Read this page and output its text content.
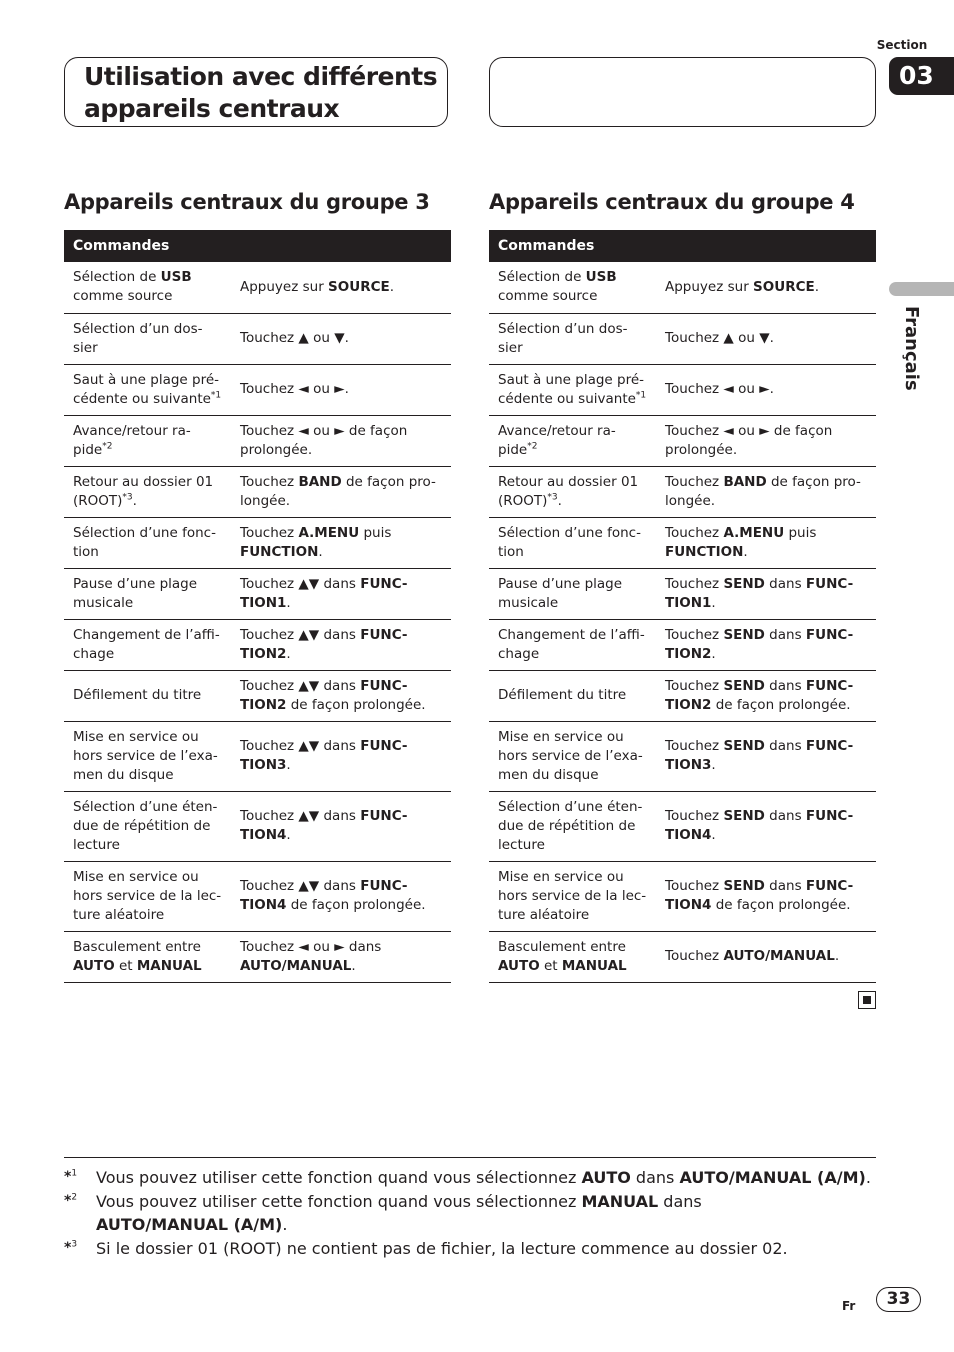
Utilisation avec différents
appareils centraux
Section
03
Français
Appareils centraux du groupe 3
Commandes	
Sélection de USB comme source	Appuyez sur SOURCE.
Sélection d’un dos-
sier	Touchez ▲ ou ▼.
Saut à une plage pré-
cédente ou suivante$^{*1}$	Touchez ◄ ou ►.
Avance/retour ra-
pide$^{*2}$	Touchez ◄ ou ► de façon prolongée.
Retour au dossier 01 (ROOT)$^{*3}$.	Touchez BAND de façon pro-
longée.
Sélection d’une fonc-
tion	Touchez A.MENU puis
FUNCTION.
Pause d’une plage musicale	Touchez ▲▼ dans FUNC-
TION1.
Changement de l’affi-
chage	Touchez ▲▼ dans FUNC-
TION2.
Défilement du titre	Touchez ▲▼ dans FUNC-
TION2 de façon prolongée.
Mise en service ou hors service de l’exa-
men du disque	Touchez ▲▼ dans FUNC-
TION3.
Sélection d’une éten-
due de répétition de lecture	Touchez ▲▼ dans FUNC-
TION4.
Mise en service ou hors service de la lec-
ture aléatoire	Touchez ▲▼ dans FUNC-
TION4 de façon prolongée.
Basculement entre
AUTO et MANUAL	Touchez ◄ ou ► dans
AUTO/MANUAL.
Appareils centraux du groupe 4
Commandes	
Sélection de USB comme source	Appuyez sur SOURCE.
Sélection d’un dos-
sier	Touchez ▲ ou ▼.
Saut à une plage pré-
cédente ou suivante$^{*1}$	Touchez ◄ ou ►.
Avance/retour ra-
pide$^{*2}$	Touchez ◄ ou ► de façon prolongée.
Retour au dossier 01 (ROOT)$^{*3}$.	Touchez BAND de façon pro-
longée.
Sélection d’une fonc-
tion	Touchez A.MENU puis
FUNCTION.
Pause d’une plage musicale	Touchez SEND dans FUNC-
TION1.
Changement de l’affi-
chage	Touchez SEND dans FUNC-
TION2.
Défilement du titre	Touchez SEND dans FUNC-
TION2 de façon prolongée.
Mise en service ou hors service de l’exa-
men du disque	Touchez SEND dans FUNC-
TION3.
Sélection d’une éten-
due de répétition de lecture	Touchez SEND dans FUNC-
TION4.
Mise en service ou hors service de la lec-
ture aléatoire	Touchez SEND dans FUNC-
TION4 de façon prolongée.
Basculement entre
AUTO et MANUAL	Touchez AUTO/MANUAL.
*$^1$	Vous pouvez utiliser cette fonction quand vous sélectionnez AUTO dans AUTO/MANUAL (A/M).
*$^2$	Vous pouvez utiliser cette fonction quand vous sélectionnez MANUAL dans
AUTO/MANUAL (A/M).
*$^3$	Si le dossier 01 (ROOT) ne contient pas de fichier, la lecture commence au dossier 02.
Fr	33
